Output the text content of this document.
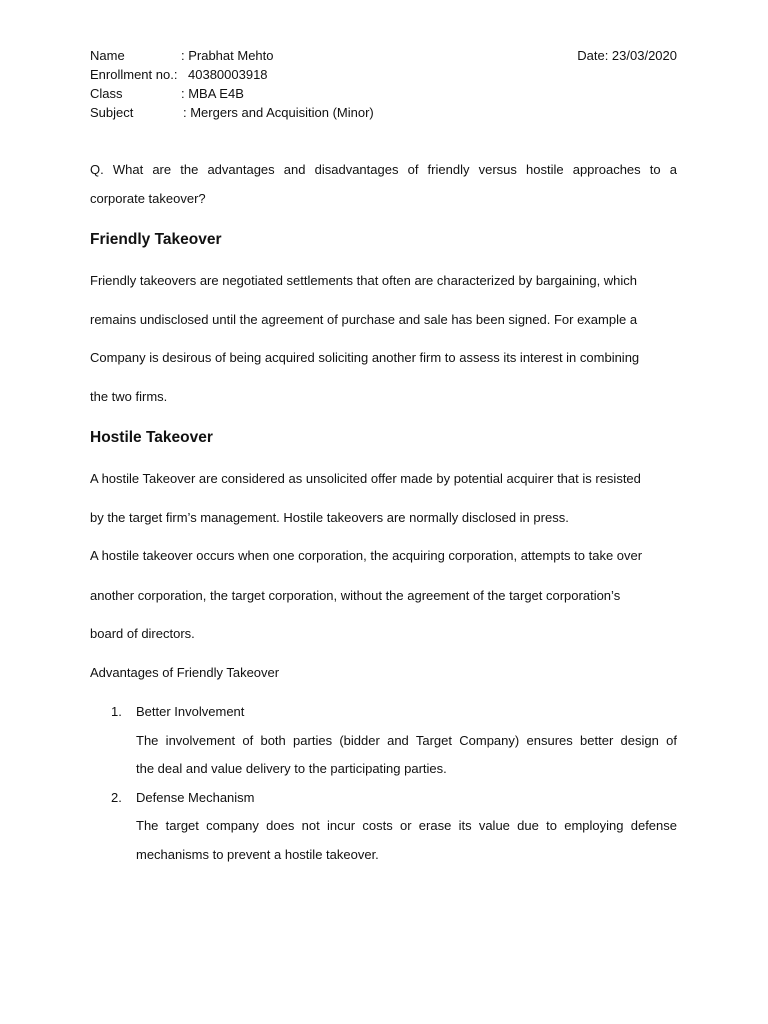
Name	: Prabhat Mehto	Date: 23/03/2020
Enrollment no.: 40380003918
Class	: MBA E4B
Subject	: Mergers and Acquisition (Minor)
Q. What are the advantages and disadvantages of friendly versus hostile approaches to a
corporate takeover?
Friendly Takeover
Friendly takeovers are negotiated settlements that often are characterized by bargaining, which
remains undisclosed until the agreement of purchase and sale has been signed. For example a
Company is desirous of being acquired soliciting another firm to assess its interest in combining
the two firms.
Hostile Takeover
A hostile Takeover are considered as unsolicited offer made by potential acquirer that is resisted
by the target firm’s management. Hostile takeovers are normally disclosed in press.
A hostile takeover occurs when one corporation, the acquiring corporation, attempts to take over
another corporation, the target corporation, without the agreement of the target corporation’s
board of directors.
Advantages of Friendly Takeover
1. Better Involvement
The involvement of both parties (bidder and Target Company) ensures better design of
the deal and value delivery to the participating parties.
2. Defense Mechanism
The target company does not incur costs or erase its value due to employing defense
mechanisms to prevent a hostile takeover.
